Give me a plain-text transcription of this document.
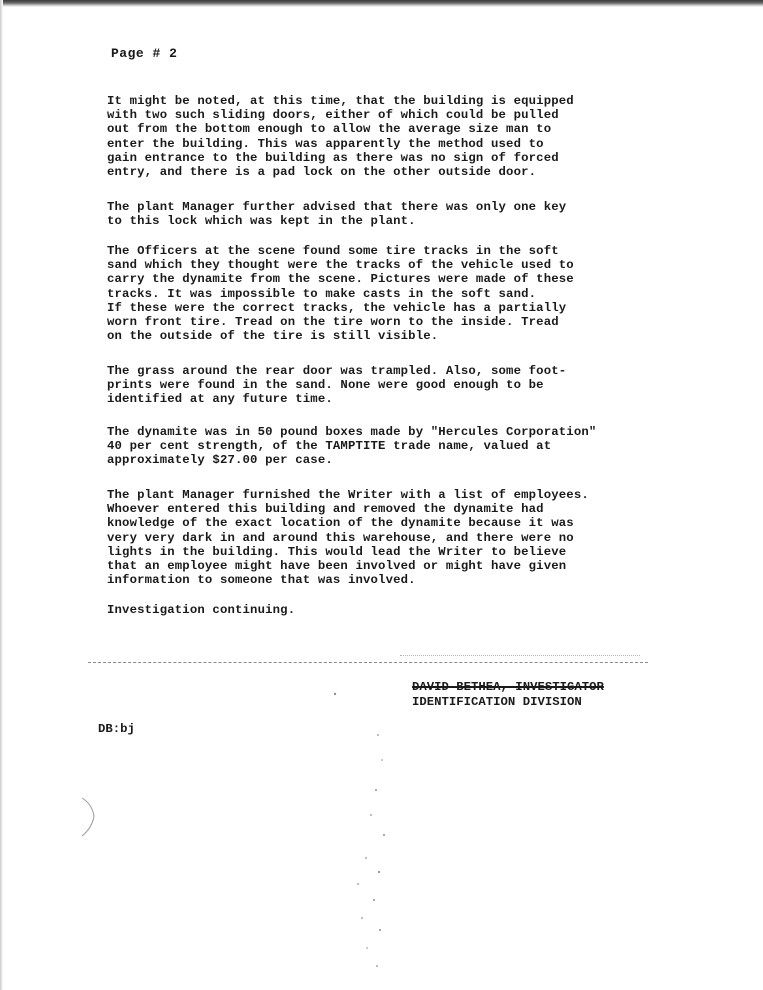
Page # 2

It might be noted, at this time, that the building is equipped
with two such sliding doors, either of which could be pulled
out from the bottom enough to allow the average size man to
enter the building. This was apparently the method used to
gain entrance to the building as there was no sign of forced
entry, and there is a pad lock on the other outside door.

The plant Manager further advised that there was only one key
to this lock which was kept in the plant.

The Officers at the scene found some tire tracks in the soft
sand which they thought were the tracks of the vehicle used to
carry the dynamite from the scene. Pictures were made of these
tracks. It was impossible to make casts in the soft sand.
If these were the correct tracks, the vehicle has a partially
worn front tire. Tread on the tire worn to the inside. Tread
on the outside of the tire is still visible.

The grass around the rear door was trampled. Also, some foot-
prints were found in the sand. None were good enough to be
identified at any future time.

The dynamite was in 50 pound boxes made by "Hercules Corporation"
40 per cent strength, of the TAMPTITE trade name, valued at
approximately $27.00 per case.

The plant Manager furnished the Writer with a list of employees.
Whoever entered this building and removed the dynamite had
knowledge of the exact location of the dynamite because it was
very very dark in and around this warehouse, and there were no
lights in the building. This would lead the Writer to believe
that an employee might have been involved or might have given
information to someone that was involved.

Investigation continuing.

DAVID BETHEA, INVESTIGATOR
IDENTIFICATION DIVISION
DB:bj
